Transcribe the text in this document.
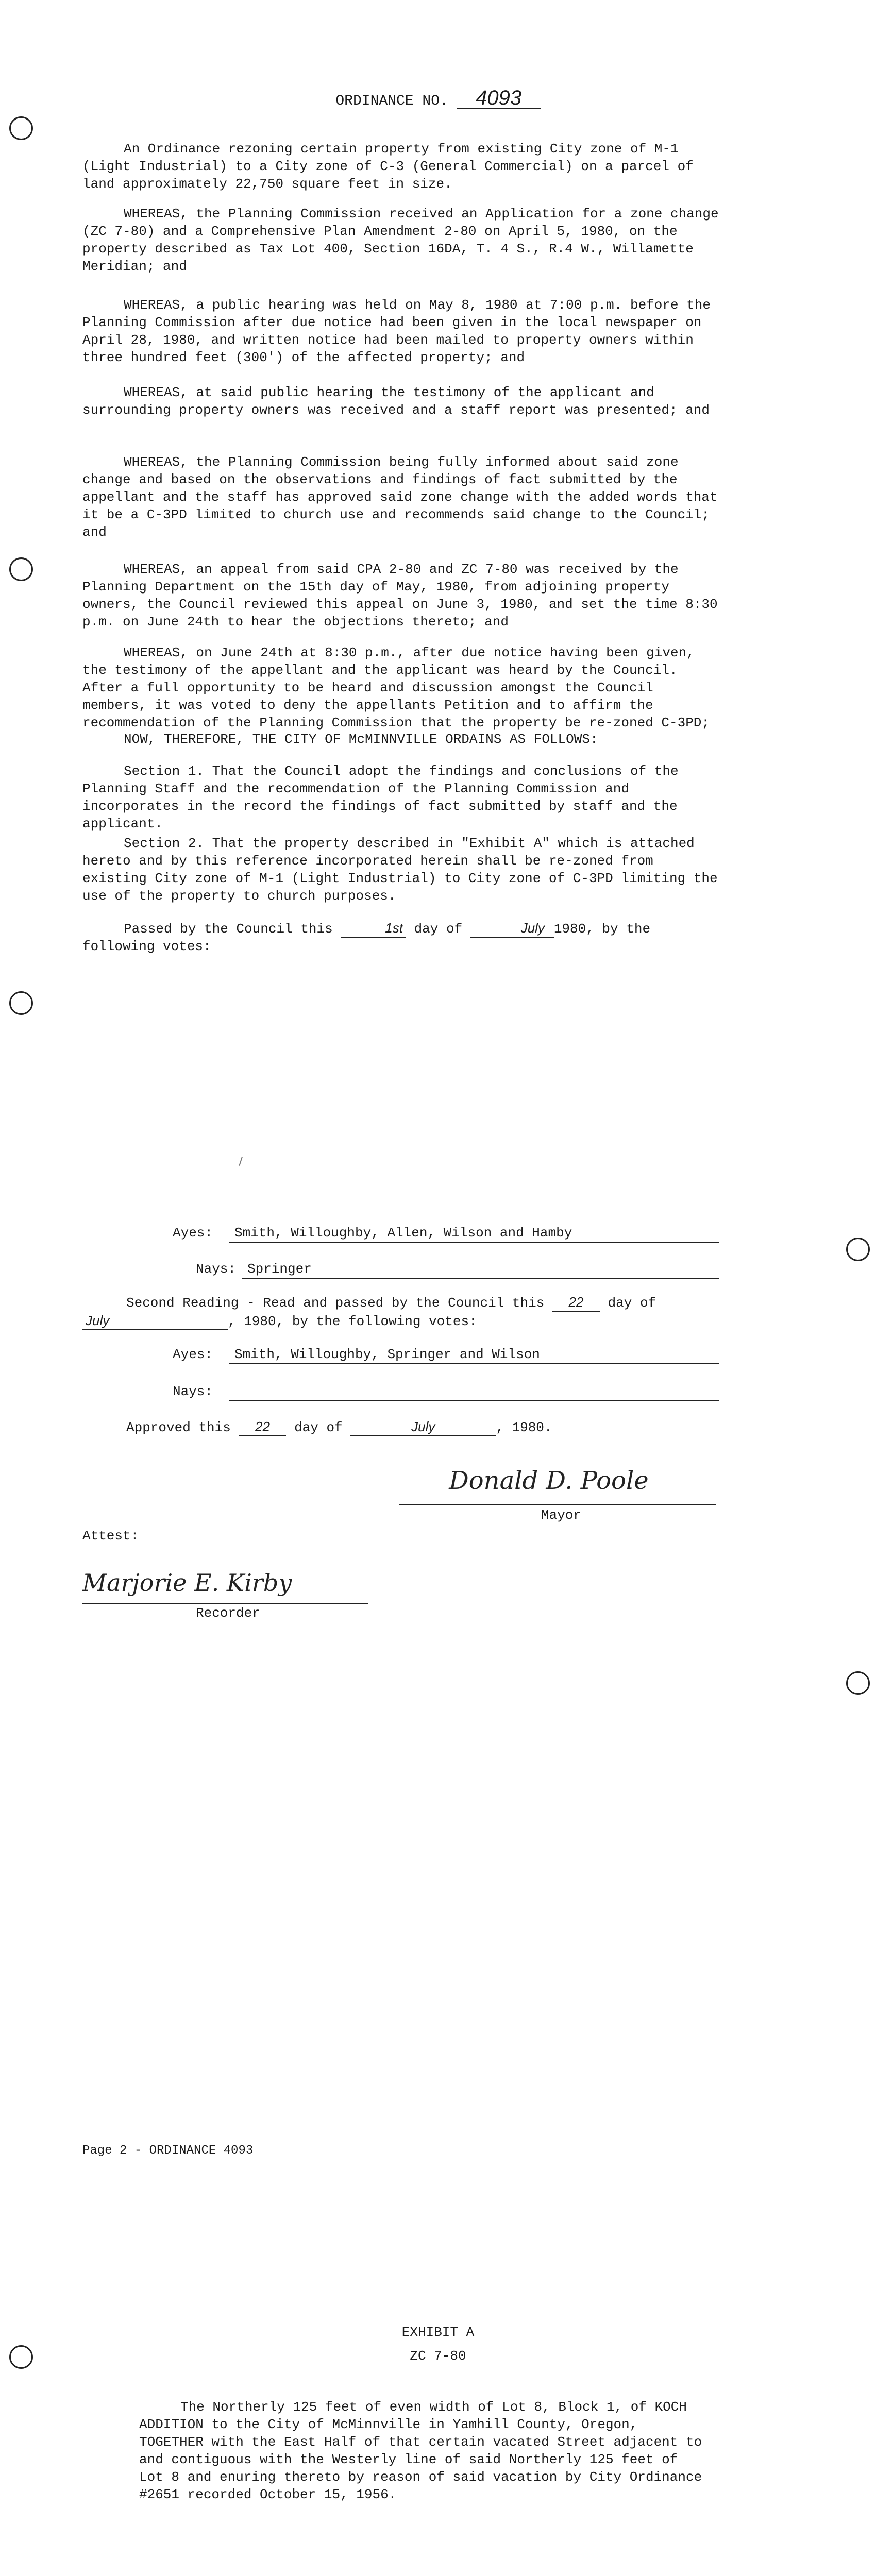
ORDINANCE NO. 4093

An Ordinance rezoning certain property from existing City zone of M-1 (Light Industrial) to a City zone of C-3 (General Commercial) on a parcel of land approximately 22,750 square feet in size.

WHEREAS, the Planning Commission received an Application for a zone change (ZC 7-80) and a Comprehensive Plan Amendment 2-80 on April 5, 1980, on the property described as Tax Lot 400, Section 16DA, T. 4 S., R.4 W., Willamette Meridian; and

WHEREAS, a public hearing was held on May 8, 1980 at 7:00 p.m. before the Planning Commission after due notice had been given in the local newspaper on April 28, 1980, and written notice had been mailed to property owners within three hundred feet (300') of the affected property; and

WHEREAS, at said public hearing the testimony of the applicant and surrounding property owners was received and a staff report was presented; and

WHEREAS, the Planning Commission being fully informed about said zone change and based on the observations and findings of fact submitted by the appellant and the staff has approved said zone change with the added words that it be a C-3PD limited to church use and recommends said change to the Council; and

WHEREAS, an appeal from said CPA 2-80 and ZC 7-80 was received by the Planning Department on the 15th day of May, 1980, from adjoining property owners, the Council reviewed this appeal on June 3, 1980, and set the time 8:30 p.m. on June 24th to hear the objections thereto; and

WHEREAS, on June 24th at 8:30 p.m., after due notice having been given, the testimony of the appellant and the applicant was heard by the Council. After a full opportunity to be heard and discussion amongst the Council members, it was voted to deny the appellants Petition and to affirm the recommendation of the Planning Commission that the property be re-zoned C-3PD;

NOW, THEREFORE, THE CITY OF McMINNVILLE ORDAINS AS FOLLOWS:

Section 1. That the Council adopt the findings and conclusions of the Planning Staff and the recommendation of the Planning Commission and incorporates in the record the findings of fact submitted by staff and the applicant.

Section 2. That the property described in "Exhibit A" which is attached hereto and by this reference incorporated herein shall be re-zoned from existing City zone of M-1 (Light Industrial) to City zone of C-3PD limiting the use of the property to church purposes.

Passed by the Council this	1st day of	July 1980, by the

following votes:

Ayes: Smith, Willoughby, Allen, Wilson and Hamby
Nays: Springer
Second Reading - Read and passed by the Council this 22 day of
July	, 1980, by the following votes:
Ayes: Smith, Willoughby, Springer and Wilson
Nays:
Approved this 22 day of	July	, 1980.
Donald D. Poole
Mayor
Attest:
Marjorie E. Kirby
Recorder
Page 2 - ORDINANCE 4093
EXHIBIT A
ZC 7-80

The Northerly 125 feet of even width of Lot 8, Block 1, of KOCH ADDITION to the City of McMinnville in Yamhill County, Oregon, TOGETHER with the East Half of that certain vacated Street adjacent to and contiguous with the Westerly line of said Northerly 125 feet of Lot 8 and enuring thereto by reason of said vacation by City Ordinance #2651 recorded October 15, 1956.
